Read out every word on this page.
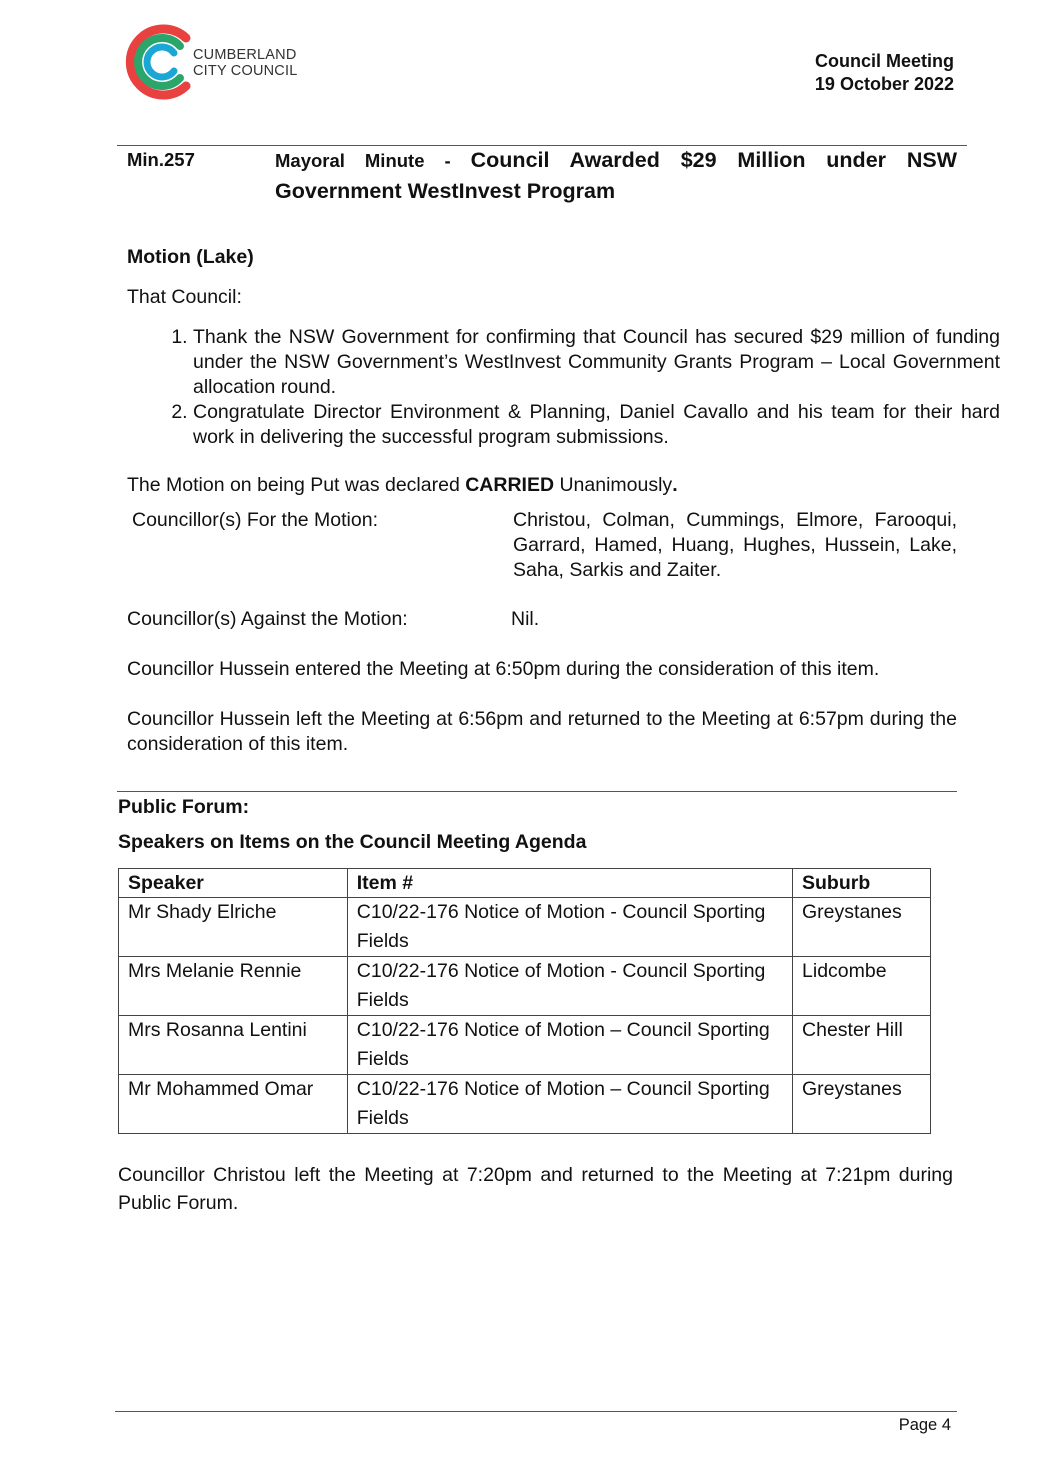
CUMBERLAND
CITY COUNCIL	Council Meeting
19 October 2022
Min.257	Mayoral Minute - Council Awarded $29 Million under NSW Government WestInvest Program
Motion (Lake)
That Council:
1. Thank the NSW Government for confirming that Council has secured $29 million of funding under the NSW Government’s WestInvest Community Grants Program – Local Government allocation round.
2. Congratulate Director Environment & Planning, Daniel Cavallo and his team for their hard work in delivering the successful program submissions.
The Motion on being Put was declared CARRIED Unanimously.
Councillor(s) For the Motion:	Christou, Colman, Cummings, Elmore, Farooqui, Garrard, Hamed, Huang, Hughes, Hussein, Lake, Saha, Sarkis and Zaiter.
Councillor(s) Against the Motion:	Nil.
Councillor Hussein entered the Meeting at 6:50pm during the consideration of this item.
Councillor Hussein left the Meeting at 6:56pm and returned to the Meeting at 6:57pm during the consideration of this item.
Public Forum:
Speakers on Items on the Council Meeting Agenda
Speaker	Item #	Suburb
Mr Shady Elriche	C10/22-176 Notice of Motion - Council Sporting Fields	Greystanes
Mrs Melanie Rennie	C10/22-176 Notice of Motion - Council Sporting Fields	Lidcombe
Mrs Rosanna Lentini	C10/22-176 Notice of Motion – Council Sporting Fields	Chester Hill
Mr Mohammed Omar	C10/22-176 Notice of Motion – Council Sporting Fields	Greystanes
Councillor Christou left the Meeting at 7:20pm and returned to the Meeting at 7:21pm during Public Forum.
Page 4
